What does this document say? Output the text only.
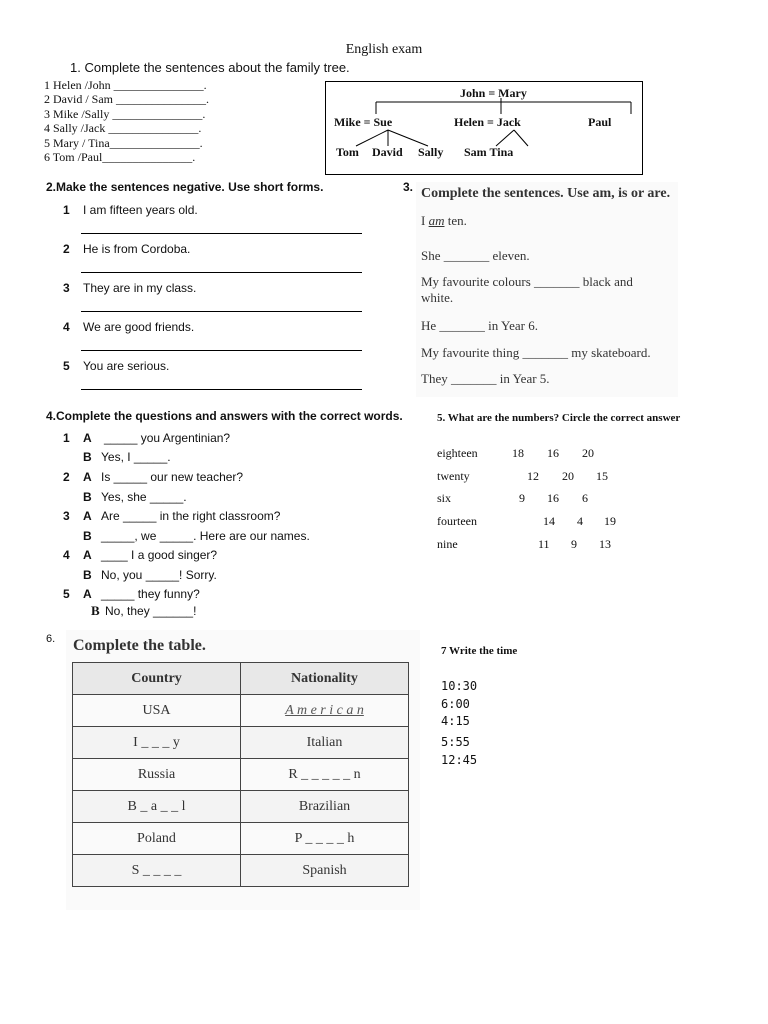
English exam
1. Complete the sentences about the family tree.
1 Helen /John _______________.
2 David / Sam _______________.
3 Mike /Sally _______________.
4 Sally /Jack _______________.
5 Mary / Tina_______________.
6 Tom /Paul_______________.
John = Mary
Mike = Sue	Helen = Jack	Paul
Tom David Sally Sam Tina
2.Make the sentences negative. Use short forms.
1 I am fifteen years old.
2 He is from Cordoba.
3 They are in my class.
4 We are good friends.
5 You are serious.
3. Complete the sentences. Use am, is or are.
I am ten.
She _______ eleven.
My favourite colours _______ black and
white.
He _______ in Year 6.
My favourite thing _______ my skateboard.
They _______ in Year 5.
4.Complete the questions and answers with the correct words.
1 A _____ you Argentinian?
B Yes, I _____.
2 A Is _____ our new teacher?
B Yes, she _____.
3 A Are _____ in the right classroom?
B _____, we _____. Here are our names.
4 A ____ I a good singer?
B No, you _____! Sorry.
5 A _____ they funny?
B No, they ______!
5. What are the numbers? Circle the correct answer
eighteen	18 16 20
twenty	12 20 15
six	9 16 6
fourteen	14 4 19
nine	11 9 13
6. Complete the table.
Country	Nationality
USA	A m e r i c a n
I _ _ _ y	Italian
Russia	R _ _ _ _ _ n
B _ a _ _ l	Brazilian
Poland	P _ _ _ _ h
S _ _ _ _	Spanish
7 Write the time
10:30
6:00
4:15
5:55
12:45
